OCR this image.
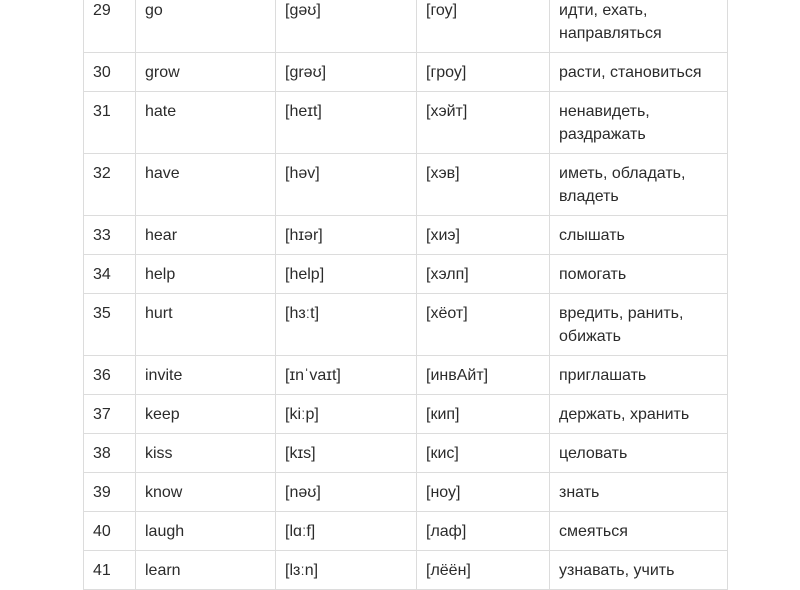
29	go	[gəʊ]	[гоу]	идти, ехать, направляться
30	grow	[grəʊ]	[гроу]	расти, становиться
31	hate	[heɪt]	[хэйт]	ненавидеть, раздражать
32	have	[həv]	[хэв]	иметь, обладать, владеть
33	hear	[hɪər]	[хиэ]	слышать
34	help	[help]	[хэлп]	помогать
35	hurt	[hɜːt]	[хёот]	вредить, ранить, обижать
36	invite	[ɪnˈvaɪt]	[инвАйт]	приглашать
37	keep	[kiːp]	[кип]	держать, хранить
38	kiss	[kɪs]	[кис]	целовать
39	know	[nəʊ]	[ноу]	знать
40	laugh	[lɑːf]	[лаф]	смеяться
41	learn	[lɜːn]	[лёён]	узнавать, учить
